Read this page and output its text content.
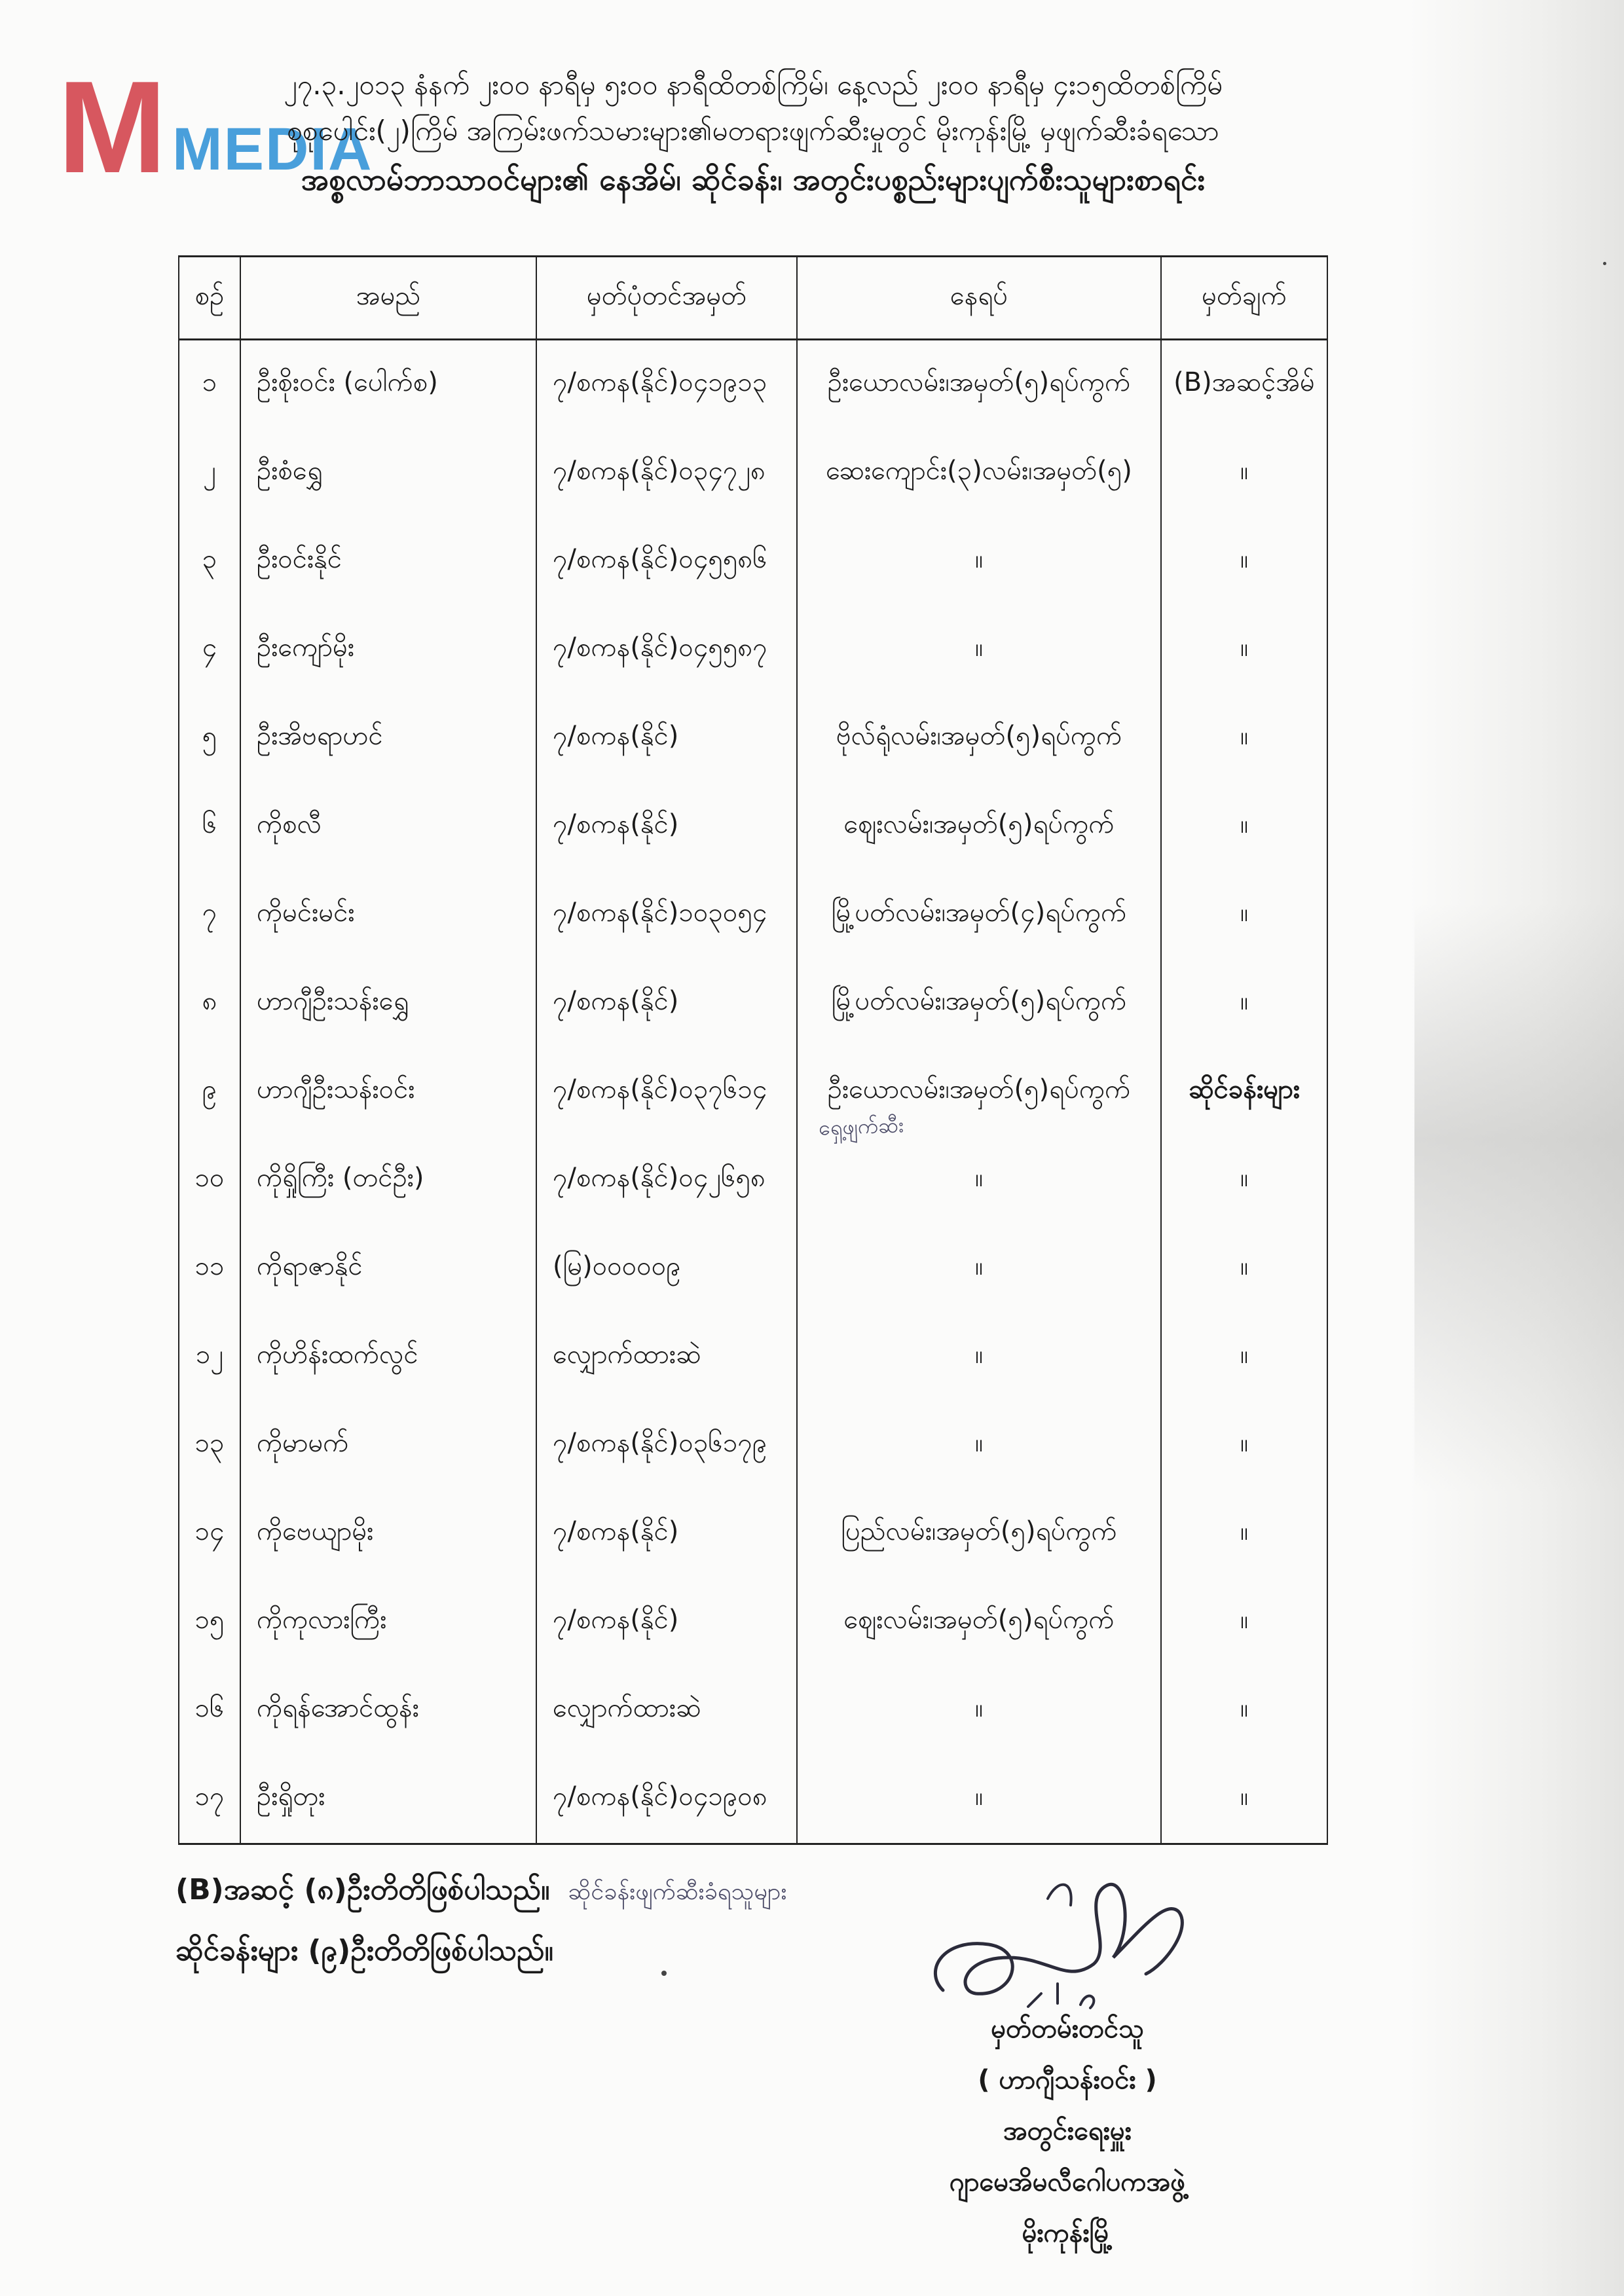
M MEDIA
၂၇.၃.၂၀၁၃ နံနက် ၂း၀၀ နာရီမှ ၅း၀၀ နာရီထိတစ်ကြိမ်၊ နေ့လည် ၂း၀၀ နာရီမှ ၄း၁၅ထိတစ်ကြိမ်
စုစုပေါင်း(၂)ကြိမ် အကြမ်းဖက်သမားများ၏မတရားဖျက်ဆီးမှုတွင် မိုးကုန်းမြို့ မှဖျက်ဆီးခံရသော
အစ္စလာမ်ဘာသာဝင်များ၏ နေအိမ်၊ ဆိုင်ခန်း၊ အတွင်းပစ္စည်းများပျက်စီးသူများစာရင်း
စဉ်	အမည်	မှတ်ပုံတင်အမှတ်	နေရပ်	မှတ်ချက်
၁	ဦးစိုးဝင်း (ပေါက်စ)	၇/စကန(နိုင်)၀၄၁၉၁၃	ဦးယောလမ်း၊အမှတ်(၅)ရပ်ကွက်	(B)အဆင့်အိမ်
၂	ဦးစံရွှေ	၇/စကန(နိုင်)၀၃၄၇၂၈	ဆေးကျောင်း(၃)လမ်း၊အမှတ်(၅)	။
၃	ဦးဝင်းနိုင်	၇/စကန(နိုင်)၀၄၅၅၈၆	။	။
၄	ဦးကျော်မိုး	၇/စကန(နိုင်)၀၄၅၅၈၇	။	။
၅	ဦးအိဗရာဟင်	၇/စကန(နိုင်)	ဗိုလ်ရုံလမ်း၊အမှတ်(၅)ရပ်ကွက်	။
၆	ကိုစလီ	၇/စကန(နိုင်)	ဈေးလမ်း၊အမှတ်(၅)ရပ်ကွက်	။
၇	ကိုမင်းမင်း	၇/စကန(နိုင်)၁၀၃၀၅၄	မြို့ပတ်လမ်း၊အမှတ်(၄)ရပ်ကွက်	။
၈	ဟာဂျီဦးသန်းရွှေ	၇/စကန(နိုင်)	မြို့ပတ်လမ်း၊အမှတ်(၅)ရပ်ကွက်	။
၉	ဟာဂျီဦးသန်းဝင်း	၇/စကန(နိုင်)၀၃၇၆၁၄	ဦးယောလမ်း၊အမှတ်(၅)ရပ်ကွက်	ဆိုင်ခန်းများ
၁၀	ကိုရှိုကြီး (တင်ဦး)	၇/စကန(နိုင်)၀၄၂၆၅၈	။	။
၁၁	ကိုရာဇာနိုင်	(မြ)၀၀၀၀၀၉	။	။
၁၂	ကိုဟိန်းထက်လွင်	လျှောက်ထားဆဲ	။	။
၁၃	ကိုမာမက်	၇/စကန(နိုင်)၀၃၆၁၇၉	။	။
၁၄	ကိုဗေယျာမိုး	၇/စကန(နိုင်)	ပြည်လမ်း၊အမှတ်(၅)ရပ်ကွက်	။
၁၅	ကိုကုလားကြီး	၇/စကန(နိုင်)	ဈေးလမ်း၊အမှတ်(၅)ရပ်ကွက်	။
၁၆	ကိုရန်အောင်ထွန်း	လျှောက်ထားဆဲ	။	။
၁၇	ဦးရှိုတုး	၇/စကန(နိုင်)၀၄၁၉၀၈	။	။
ရှေ့ဖျက်ဆီး
(B)အဆင့် (၈)ဦးတိတိဖြစ်ပါသည်။ ဆိုင်ခန်းဖျက်ဆီးခံရသူများ
ဆိုင်ခန်းများ (၉)ဦးတိတိဖြစ်ပါသည်။
မှတ်တမ်းတင်သူ
( ဟာဂျီသန်းဝင်း )
အတွင်းရေးမှူး
ဂျာမေအိမလီဂေါပကအဖွဲ့
မိုးကုန်းမြို့
